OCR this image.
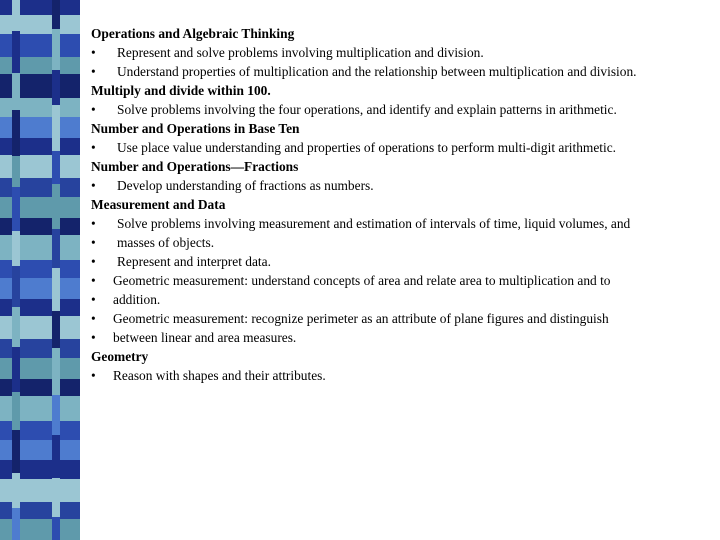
Operations and Algebraic Thinking
•	Represent and solve problems involving multiplication and division.
•	Understand properties of multiplication and the relationship between multiplication and division.
Multiply and divide within 100.
•	Solve problems involving the four operations, and identify and explain patterns in arithmetic.
Number and Operations in Base Ten
•	Use place value understanding and properties of operations to perform multi-digit arithmetic.
Number and Operations—Fractions
•	Develop understanding of fractions as numbers.
Measurement and Data
•	Solve problems involving measurement and estimation of intervals of time, liquid volumes, and
•	masses of objects.
•	Represent and interpret data.
•	Geometric measurement: understand concepts of area and relate area to multiplication and to
•	addition.
•	Geometric measurement: recognize perimeter as an attribute of plane figures and distinguish
•	between linear and area measures.
Geometry
•	Reason with shapes and their attributes.
